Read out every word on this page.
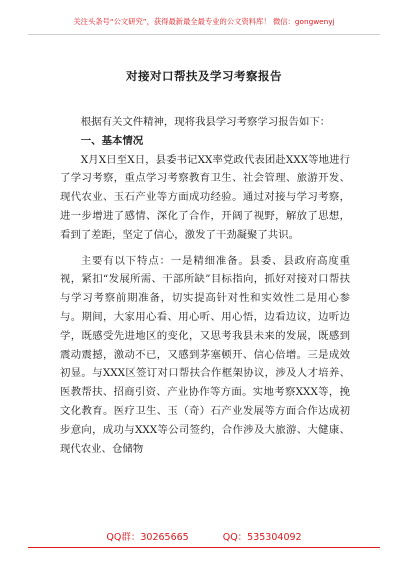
关注头条号“公文研究”，获得最新最全最专业的公文资料库！ 微信：gongwenyj
对接对口帮扶及学习考察报告

根据有关文件精神，现将我县学习考察学习报告如下：

一、基本情况

X月X日至X日，县委书记XX率党政代表团赴XXX等地进行了学习考察，重点学习考察教育卫生、社会管理、旅游开发、现代农业、玉石产业等方面成功经验。通过对接与学习考察，进一步增进了感情、深化了合作，开阔了视野，解放了思想，看到了差距，坚定了信心，激发了干劲凝聚了共识。

主要有以下特点：一是精细准备。县委、县政府高度重视，紧扣“发展所需、干部所缺”目标指向，抓好对接对口帮扶与学习考察前期准备，切实提高针对性和实效性二是用心参与。期间，大家用心看、用心听、用心悟，边看边议，边听边学，既感受先进地区的变化，又思考我县未来的发展，既感到震动震撼，激动不已，又感到茅塞顿开、信心倍增。三是成效初显。与XXX区签订对口帮扶合作框架协议，涉及人才培养、医教帮扶、招商引资、产业协作等方面。实地考察XXX等，挽文化教育。医疗卫生、玉（奇）石产业发展等方面合作达成初步意向，成功与XXX等公司签约，合作涉及大旅游、大健康、现代农业、仓储物

QQ群：30265665	QQ：535304092
